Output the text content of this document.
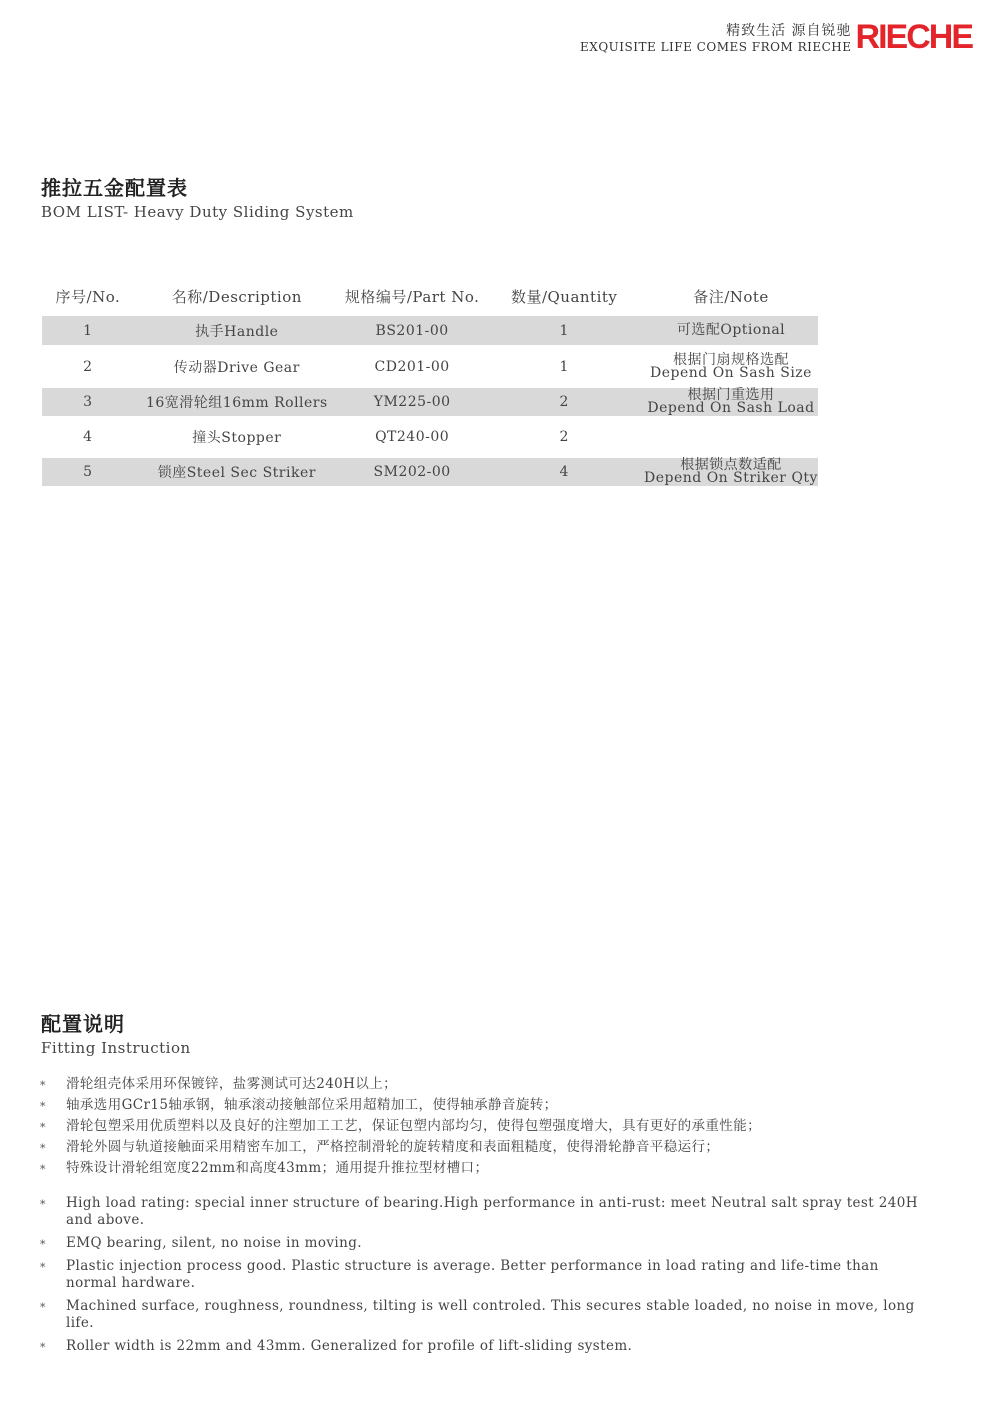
精致生活 源自锐驰
EXQUISITE LIFE COMES FROM RIECHE RIECHE
推拉五金配置表
BOM LIST- Heavy Duty Sliding System
序号/No.	名称/Description	规格编号/Part No.	数量/Quantity	备注/Note
1	执手Handle	BS201-00	1	可选配Optional

2	传动器Drive Gear	CD201-00	1	根据门扇规格选配
Depend On Sash Size

3	16宽滑轮组16mm Rollers	YM225-00	2	根据门重选用
Depend On Sash Load

4	撞头Stopper	QT240-00	2	
5	锁座Steel Sec Striker	SM202-00	4	根据锁点数适配
Depend On Striker Qty
配置说明
Fitting Instruction
* 滑轮组壳体采用环保镀锌，盐雾测试可达240H以上；
* 轴承选用GCr15轴承钢，轴承滚动接触部位采用超精加工，使得轴承静音旋转；
* 滑轮包塑采用优质塑料以及良好的注塑加工工艺，保证包塑内部均匀，使得包塑强度增大，具有更好的承重性能；
* 滑轮外圆与轨道接触面采用精密车加工，严格控制滑轮的旋转精度和表面粗糙度，使得滑轮静音平稳运行；
* 特殊设计滑轮组宽度22mm和高度43mm；通用提升推拉型材槽口；
* High load rating: special inner structure of bearing.High performance in anti-rust: meet Neutral salt spray test 240H and above.
* EMQ bearing, silent, no noise in moving.
* Plastic injection process good. Plastic structure is average. Better performance in load rating and life-time than normal hardware.
* Machined surface, roughness, roundness, tilting is well controled. This secures stable loaded, no noise in move, long life.
* Roller width is 22mm and 43mm. Generalized for profile of lift-sliding system.
